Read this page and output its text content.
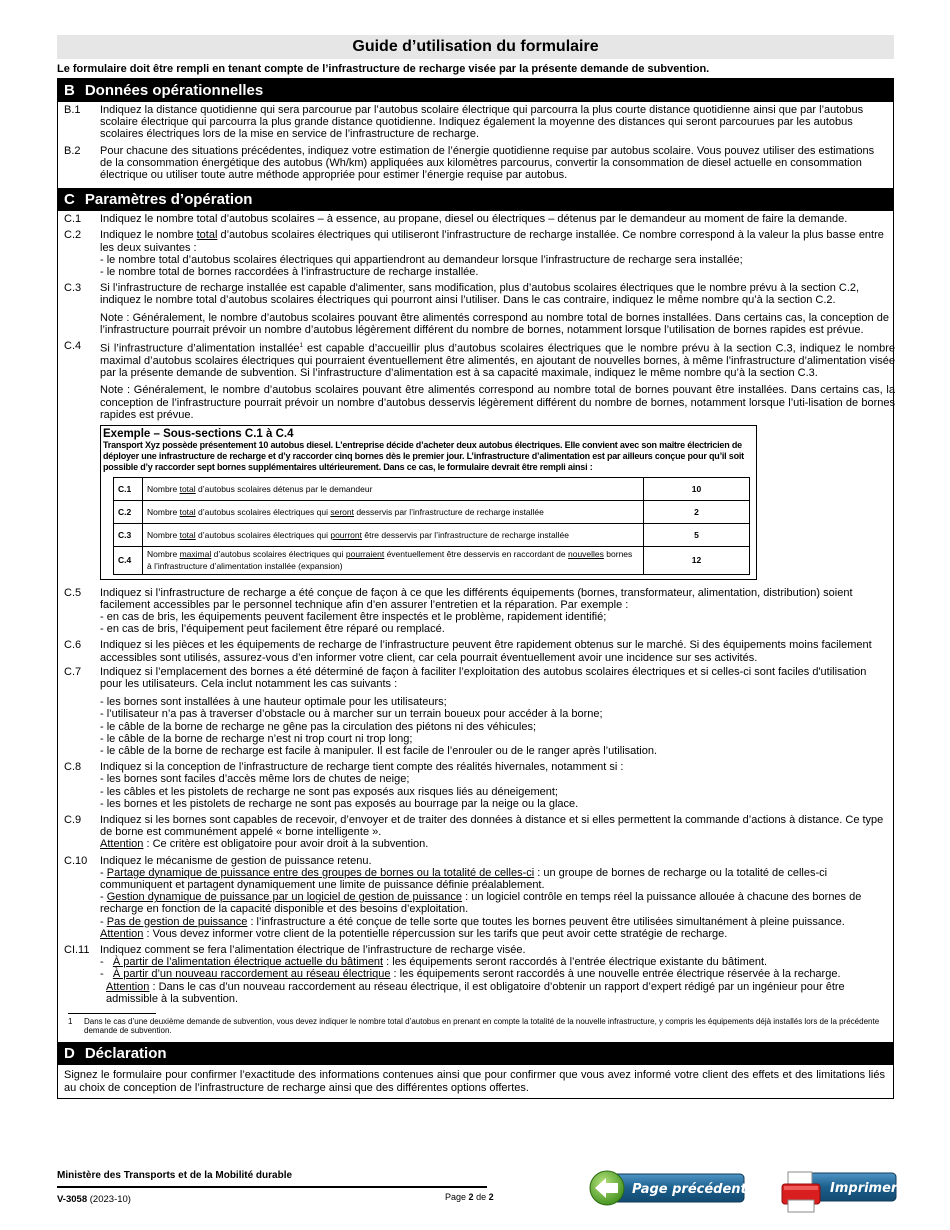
Guide d’utilisation du formulaire
Le formulaire doit être rempli en tenant compte de l’infrastructure de recharge visée par la présente demande de subvention.
B Données opérationnelles
B.1	Indiquez la distance quotidienne qui sera parcourue par l’autobus scolaire électrique qui parcourra la plus courte distance quotidienne ainsi que par l’autobus scolaire électrique qui parcourra la plus grande distance quotidienne. Indiquez également la moyenne des distances qui seront parcourues par les autobus scolaires électriques lors de la mise en service de l’infrastructure de recharge.
B.2	Pour chacune des situations précédentes, indiquez votre estimation de l’énergie quotidienne requise par autobus scolaire. Vous pouvez utiliser des estimations de la consommation énergétique des autobus (Wh/km) appliquées aux kilomètres parcourus, convertir la consommation de diesel actuelle en consommation électrique ou utiliser toute autre méthode appropriée pour estimer l’énergie requise par autobus.
C Paramètres d’opération
C.1	Indiquez le nombre total d’autobus scolaires – à essence, au propane, diesel ou électriques – détenus par le demandeur au moment de faire la demande.
C.2	Indiquez le nombre total d’autobus scolaires électriques qui utiliseront l’infrastructure de recharge installée. Ce nombre correspond à la valeur la plus basse entre les deux suivantes :
- le nombre total d’autobus scolaires électriques qui appartiendront au demandeur lorsque l’infrastructure de recharge sera installée;
- le nombre total de bornes raccordées à l’infrastructure de recharge installée.
C.3	Si l’infrastructure de recharge installée est capable d'alimenter, sans modification, plus d’autobus scolaires électriques que le nombre prévu à la section C.2, indiquez le nombre total d’autobus scolaires électriques qui pourront ainsi l’utiliser. Dans le cas contraire, indiquez le même nombre qu’à la section C.2.
Note : Généralement, le nombre d’autobus scolaires pouvant être alimentés correspond au nombre total de bornes installées. Dans certains cas, la conception de l’infrastructure pourrait prévoir un nombre d’autobus légèrement différent du nombre de bornes, notamment lorsque l’utilisation de bornes rapides est prévue.
C.4	Si l’infrastructure d’alimentation installée$^1$ est capable d’accueillir plus d’autobus scolaires électriques que le nombre prévu à la section C.3, indiquez le nombre maximal d’autobus scolaires électriques qui pourraient éventuellement être alimentés, en ajoutant de nouvelles bornes, à même l’infrastructure d’alimentation visée par la présente demande de subvention. Si l’infrastructure d’alimentation est à sa capacité maximale, indiquez le même nombre qu’à la section C.3.
Note : Généralement, le nombre d’autobus scolaires pouvant être alimentés correspond au nombre total de bornes pouvant être installées. Dans certains cas, la conception de l’infrastructure pourrait prévoir un nombre d’autobus desservis légèrement différent du nombre de bornes, notamment lorsque l’uti-lisation de bornes rapides est prévue.
Exemple – Sous-sections C.1 à C.4
Transport Xyz possède présentement 10 autobus diesel. L’entreprise décide d’acheter deux autobus électriques. Elle convient avec son maître électricien de déployer une infrastructure de recharge et d’y raccorder cinq bornes dès le premier jour. L’infrastructure d’alimentation est par ailleurs conçue pour qu’il soit possible d’y raccorder sept bornes supplémentaires ultérieurement. Dans ce cas, le formulaire devrait être rempli ainsi :
C.1	Nombre total d’autobus scolaires détenus par le demandeur	10
C.2	Nombre total d’autobus scolaires électriques qui seront desservis par l’infrastructure de recharge installée	2
C.3	Nombre total d’autobus scolaires électriques qui pourront être desservis par l’infrastructure de recharge installée	5
C.4	Nombre maximal d’autobus scolaires électriques qui pourraient éventuellement être desservis en raccordant de nouvelles bornes à l’infrastructure d’alimentation installée (expansion)	12
C.5	Indiquez si l’infrastructure de recharge a été conçue de façon à ce que les différents équipements (bornes, transformateur, alimentation, distribution) soient facilement accessibles par le personnel technique afin d’en assurer l’entretien et la réparation. Par exemple :
- en cas de bris, les équipements peuvent facilement être inspectés et le problème, rapidement identifié;
- en cas de bris, l’équipement peut facilement être réparé ou remplacé.
C.6	Indiquez si les pièces et les équipements de recharge de l’infrastructure peuvent être rapidement obtenus sur le marché. Si des équipements moins facilement accessibles sont utilisés, assurez-vous d’en informer votre client, car cela pourrait éventuellement avoir une incidence sur ses activités.
C.7	Indiquez si l’emplacement des bornes a été déterminé de façon à faciliter l’exploitation des autobus scolaires électriques et si celles-ci sont faciles d'utilisation pour les utilisateurs. Cela inclut notamment les cas suivants :
- les bornes sont installées à une hauteur optimale pour les utilisateurs;
- l’utilisateur n’a pas à traverser d’obstacle ou à marcher sur un terrain boueux pour accéder à la borne;
- le câble de la borne de recharge ne gêne pas la circulation des piétons ni des véhicules;
- le câble de la borne de recharge n’est ni trop court ni trop long;
- le câble de la borne de recharge est facile à manipuler. Il est facile de l’enrouler ou de le ranger après l’utilisation.
C.8	Indiquez si la conception de l’infrastructure de recharge tient compte des réalités hivernales, notamment si :
- les bornes sont faciles d’accès même lors de chutes de neige;
- les câbles et les pistolets de recharge ne sont pas exposés aux risques liés au déneigement;
- les bornes et les pistolets de recharge ne sont pas exposés au bourrage par la neige ou la glace.
C.9	Indiquez si les bornes sont capables de recevoir, d’envoyer et de traiter des données à distance et si elles permettent la commande d’actions à distance. Ce type de borne est communément appelé « borne intelligente ».
Attention : Ce critère est obligatoire pour avoir droit à la subvention.
C.10	Indiquez le mécanisme de gestion de puissance retenu.
- Partage dynamique de puissance entre des groupes de bornes ou la totalité de celles-ci : un groupe de bornes de recharge ou la totalité de celles-ci communiquent et partagent dynamiquement une limite de puissance définie préalablement.
- Gestion dynamique de puissance par un logiciel de gestion de puissance : un logiciel contrôle en temps réel la puissance allouée à chacune des bornes de recharge en fonction de la capacité disponible et des besoins d’exploitation.
- Pas de gestion de puissance : l’infrastructure a été conçue de telle sorte que toutes les bornes peuvent être utilisées simultanément à pleine puissance. Attention : Vous devez informer votre client de la potentielle répercussion sur les tarifs que peut avoir cette stratégie de recharge.
CI.11 Indiquez comment se fera l’alimentation électrique de l’infrastructure de recharge visée.
-   À partir de l’alimentation électrique actuelle du bâtiment : les équipements seront raccordés à l’entrée électrique existante du bâtiment.
-   À partir d’un nouveau raccordement au réseau électrique : les équipements seront raccordés à une nouvelle entrée électrique réservée à la recharge.
Attention : Dans le cas d’un nouveau raccordement au réseau électrique, il est obligatoire d’obtenir un rapport d’expert rédigé par un ingénieur pour être admissible à la subvention.
1	Dans le cas d’une deuxième demande de subvention, vous devez indiquer le nombre total d’autobus en prenant en compte la totalité de la nouvelle infrastructure, y compris les équipements déjà installés lors de la précédente demande de subvention.
D Déclaration
Signez le formulaire pour confirmer l’exactitude des informations contenues ainsi que pour confirmer que vous avez informé votre client des effets et des limitations liés au choix de conception de l’infrastructure de recharge ainsi que des différentes options offertes.
Ministère des Transports et de la Mobilité durable
V-3058 (2023-10)	Page 2 de 2	Page précédente	Imprimer
